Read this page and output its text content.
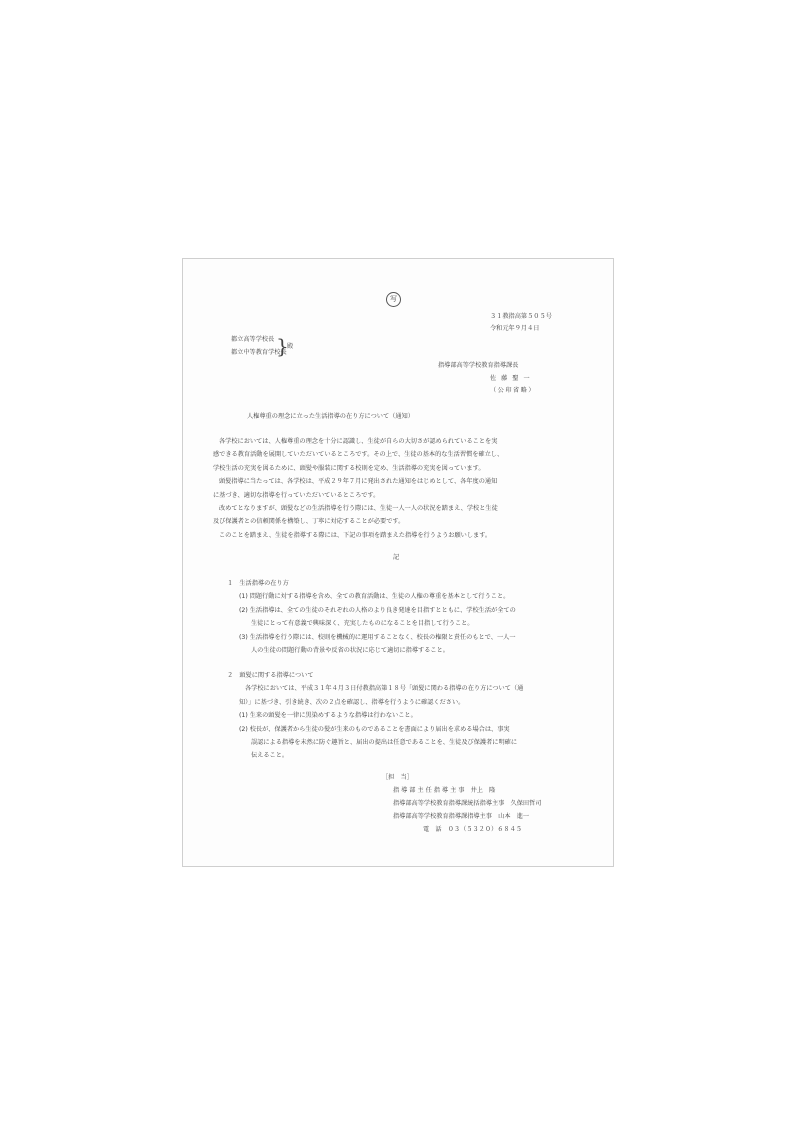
写
３１教指高第５０５号
令和元年９月４日
都立高等学校長
都立中等教育学校長
}
殿
指導部高等学校教育指導課長
佐 藤 聖 一
（公印省略）
人権尊重の理念に立った生活指導の在り方について（通知）

各学校においては、人権尊重の理念を十分に認識し、生徒が自らの大切さが認められていることを実

感できる教育活動を展開していただいているところです。その上で、生徒の基本的な生活習慣を確立し、

学校生活の充実を図るために、頭髪や服装に関する校則を定め、生活指導の充実を図っています。

頭髪指導に当たっては、各学校は、平成２９年７月に発出された通知をはじめとして、各年度の通知

に基づき、適切な指導を行っていただいているところです。

改めてとなりますが、頭髪などの生活指導を行う際には、生徒一人一人の状況を踏まえ、学校と生徒

及び保護者との信頼関係を構築し、丁寧に対応することが必要です。

このことを踏まえ、生徒を指導する際には、下記の事項を踏まえた指導を行うようお願いします。

記

１　生活指導の在り方

(1) 問題行動に対する指導を含め、全ての教育活動は、生徒の人権の尊重を基本として行うこと。

(2) 生活指導は、全ての生徒のそれぞれの人格のより良き発達を目指すとともに、学校生活が全ての

生徒にとって有意義で興味深く、充実したものになることを目指して行うこと。

(3) 生活指導を行う際には、校則を機械的に運用することなく、校長の権限と責任のもとで、一人一

人の生徒の問題行動の背景や反省の状況に応じて適切に指導すること。

２　頭髪に関する指導について

各学校においては、平成３１年４月３日付教指高第１８号「頭髪に関わる指導の在り方について（通

知）」に基づき、引き続き、次の２点を確認し、指導を行うように確認ください。

(1) 生来の頭髪を一律に黒染めするような指導は行わないこと。

(2) 校長が、保護者から生徒の髪が生来のものであることを書面により届出を求める場合は、事実

誤認による指導を未然に防ぐ趣旨と、届出の提出は任意であることを、生徒及び保護者に明確に

伝えること。

［担　当］
指 導 部 主 任 指 導 主 事　井上　隆
指導部高等学校教育指導課統括指導主事　久保田哲司
指導部高等学校教育指導課指導主事　山本　進一
電　話　０３（５３２０）６８４５
